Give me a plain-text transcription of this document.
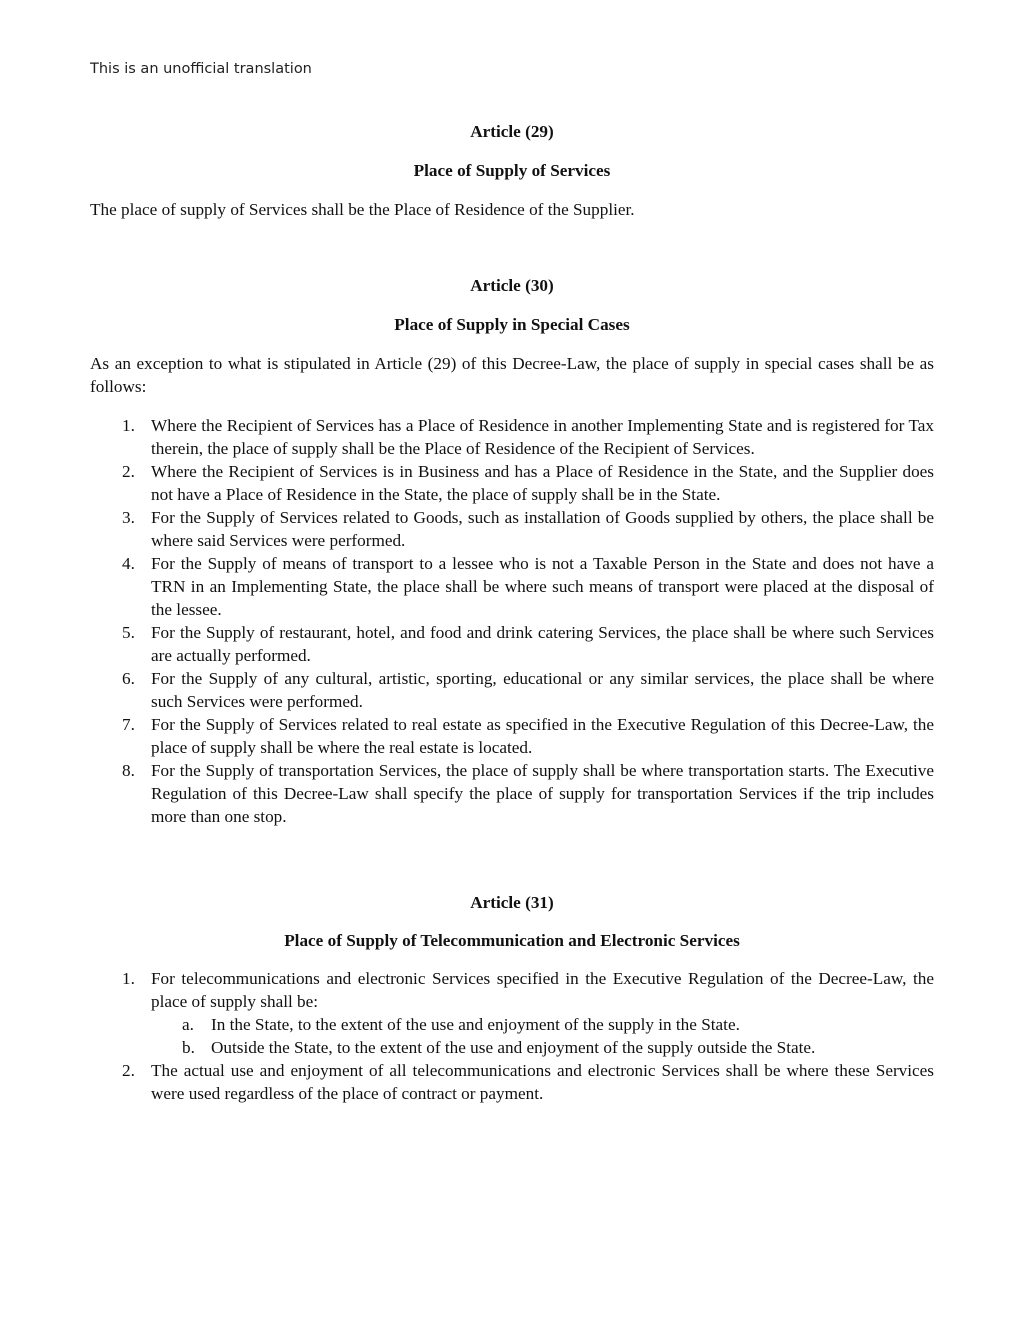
This is an unofficial translation
Article (29)
Place of Supply of Services
The place of supply of Services shall be the Place of Residence of the Supplier.
Article (30)
Place of Supply in Special Cases
As an exception to what is stipulated in Article (29) of this Decree-Law, the place of supply in special cases shall be as follows:
1. Where the Recipient of Services has a Place of Residence in another Implementing State and is registered for Tax therein, the place of supply shall be the Place of Residence of the Recipient of Services.
2. Where the Recipient of Services is in Business and has a Place of Residence in the State, and the Supplier does not have a Place of Residence in the State, the place of supply shall be in the State.
3. For the Supply of Services related to Goods, such as installation of Goods supplied by others, the place shall be where said Services were performed.
4. For the Supply of means of transport to a lessee who is not a Taxable Person in the State and does not have a TRN in an Implementing State, the place shall be where such means of transport were placed at the disposal of the lessee.
5. For the Supply of restaurant, hotel, and food and drink catering Services, the place shall be where such Services are actually performed.
6. For the Supply of any cultural, artistic, sporting, educational or any similar services, the place shall be where such Services were performed.
7. For the Supply of Services related to real estate as specified in the Executive Regulation of this Decree-Law, the place of supply shall be where the real estate is located.
8. For the Supply of transportation Services, the place of supply shall be where transportation starts. The Executive Regulation of this Decree-Law shall specify the place of supply for transportation Services if the trip includes more than one stop.
Article (31)
Place of Supply of Telecommunication and Electronic Services
1. For telecommunications and electronic Services specified in the Executive Regulation of the Decree-Law, the place of supply shall be:
a. In the State, to the extent of the use and enjoyment of the supply in the State.
b. Outside the State, to the extent of the use and enjoyment of the supply outside the State.
2. The actual use and enjoyment of all telecommunications and electronic Services shall be where these Services were used regardless of the place of contract or payment.
